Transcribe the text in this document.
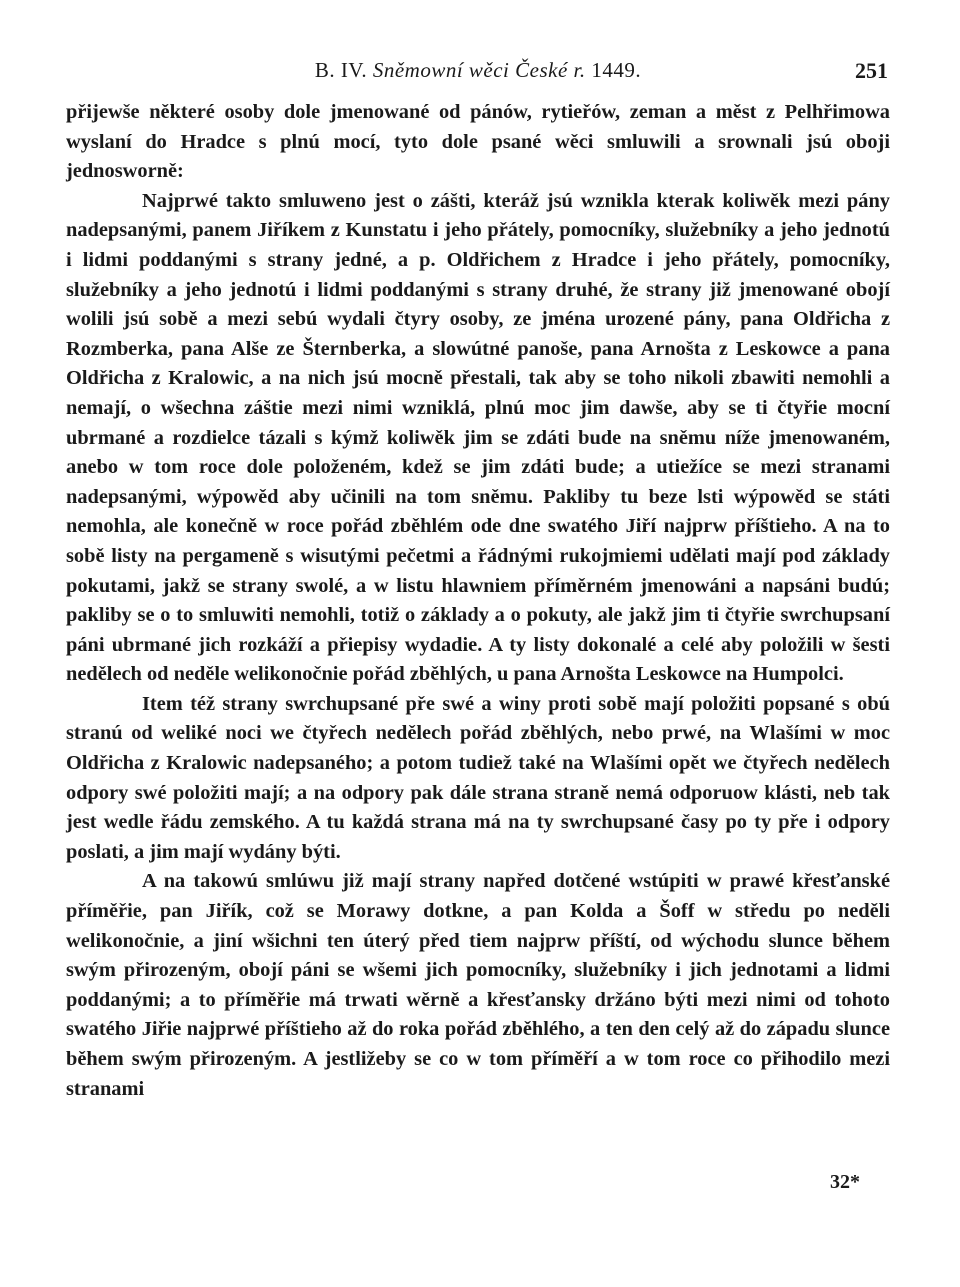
B. IV. Sněmowní wěci České r. 1449.	251

přijewše některé osoby dole jmenowané od pánów, rytieřów, zeman a měst z Pelhřimowa wyslaní do Hradce s plnú mocí, tyto dole psané wěci smluwili a srownali jsú oboji jednosworně:

Najprwé takto smluweno jest o zášti, kteráž jsú wznikla kterak koliwěk mezi pány nadepsanými, panem Jiříkem z Kunstatu i jeho přátely, pomocníky, služebníky a jeho jednotú i lidmi poddanými s strany jedné, a p. Oldřichem z Hradce i jeho přátely, pomocníky, služebníky a jeho jednotú i lidmi poddanými s strany druhé, že strany již jmenowané obojí wolili jsú sobě a mezi sebú wydali čtyry osoby, ze jména urozené pány, pana Oldřicha z Rozmberka, pana Alše ze Šternberka, a slowútné panoše, pana Arnošta z Leskowce a pana Oldřicha z Kralowic, a na nich jsú mocně přestali, tak aby se toho nikoli zbawiti nemohli a nemají, o wšechna záštie mezi nimi wzniklá, plnú moc jim dawše, aby se ti čtyřie mocní ubrmané a rozdielce tázali s kýmž koliwěk jim se zdáti bude na sněmu níže jmenowaném, anebo w tom roce dole položeném, kdež se jim zdáti bude; a utiežíce se mezi stranami nadepsanými, wýpowěd aby učinili na tom sněmu. Pakliby tu beze lsti wýpowěd se státi nemohla, ale konečně w roce pořád zběhlém ode dne swatého Jiří najprw příštieho. A na to sobě listy na pergameně s wisutými pečetmi a řádnými rukojmiemi udělati mají pod základy pokutami, jakž se strany swolé, a w listu hlawniem příměrném jmenowáni a napsáni budú; pakliby se o to smluwiti nemohli, totiž o základy a o pokuty, ale jakž jim ti čtyřie swrchupsaní páni ubrmané jich rozkáží a přiepisy wydadie. A ty listy dokonalé a celé aby položili w šesti nedělech od neděle welikonočnie pořád zběhlých, u pana Arnošta Leskowce na Humpolci.

Item též strany swrchupsané pře swé a winy proti sobě mají položiti popsané s obú stranú od weliké noci we čtyřech nedělech pořád zběhlých, nebo prwé, na Wlašími w moc Oldřicha z Kralowic nadepsaného; a potom tudiež také na Wlašími opět we čtyřech nedělech odpory swé položiti mají; a na odpory pak dále strana straně nemá odporuow klásti, neb tak jest wedle řádu zemského. A tu každá strana má na ty swrchupsané časy po ty pře i odpory poslati, a jim mají wydány býti.

A na takowú smlúwu již mají strany napřed dotčené wstúpiti w prawé křesťanské příměřie, pan Jiřík, což se Morawy dotkne, a pan Kolda a Šoff w středu po neděli welikonočnie, a jiní wšichni ten úterý před tiem najprw příští, od wýchodu slunce během swým přirozeným, obojí páni se wšemi jich pomocníky, služebníky i jich jednotami a lidmi poddanými; a to příměřie má trwati wěrně a křesťansky držáno býti mezi nimi od tohoto swatého Jiřie najprwé příštieho až do roka pořád zběhlého, a ten den celý až do západu slunce během swým přirozeným. A jestližeby se co w tom příměří a w tom roce co přihodilo mezi stranami

32*
